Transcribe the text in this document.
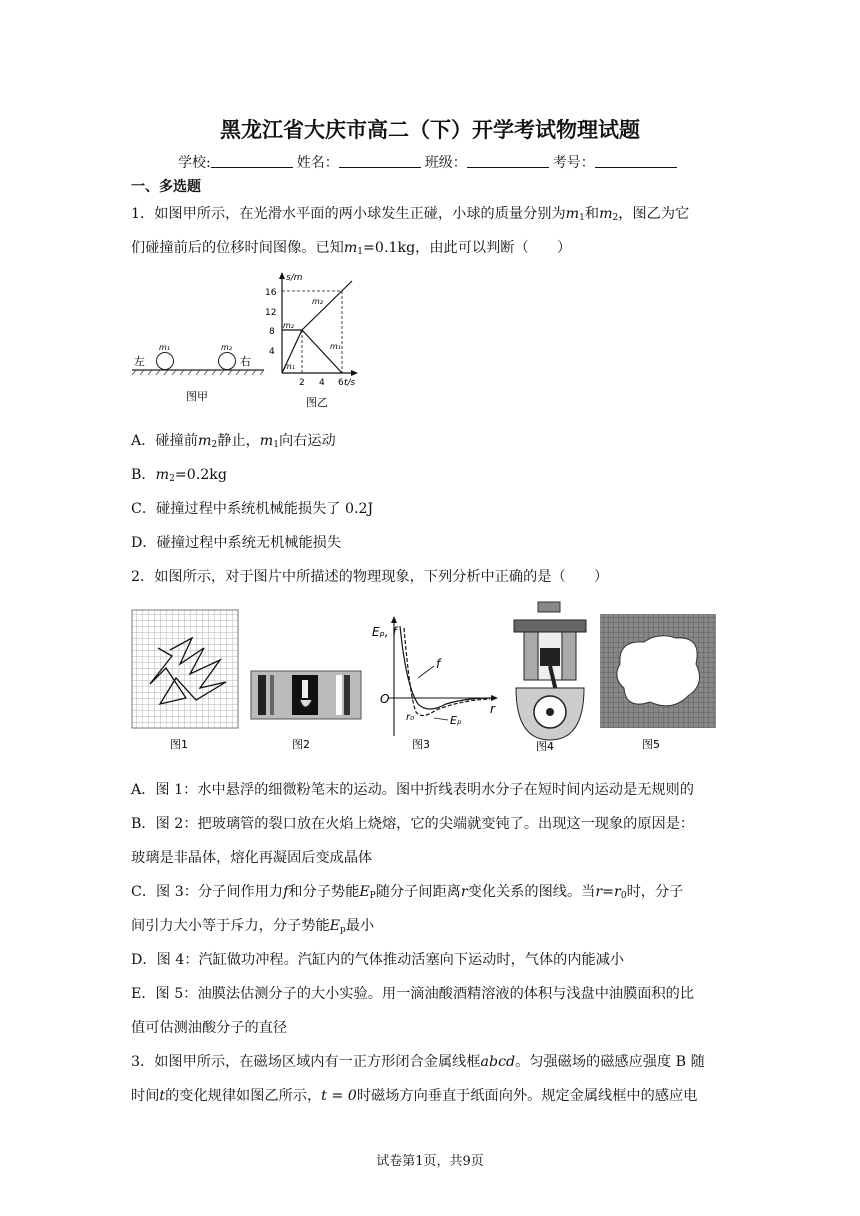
黑龙江省大庆市高二（下）开学考试物理试题
学校:	姓名：	班级：	考号：
一、多选题
1．如图甲所示，在光滑水平面的两小球发生正碰，小球的质量分别为$m_1$和$m_2$，图乙为它
们碰撞前后的位移时间图像。已知$m_1=0.1kg$，由此可以判断（　　）
左	右
m₁	m₂
图甲
s/m
t/s
16
12
8
4
2 4 6
m₂
m₁
m₂
m₁
图乙
A．碰撞前$m_2$静止，$m_1$向右运动
B．$m_2=0.2kg$
C．碰撞过程中系统机械能损失了 0.2J
D．碰撞过程中系统无机械能损失
2．如图所示，对于图片中所描述的物理现象，下列分析中正确的是（　　）
图1	图2
Eₚ, f
O
r
f
r₀	Eₚ
图3	图4	图5
A．图 1：水中悬浮的细微粉笔末的运动。图中折线表明水分子在短时间内运动是无规则的
B．图 2：把玻璃管的裂口放在火焰上烧熔，它的尖端就变钝了。出现这一现象的原因是：
玻璃是非晶体，熔化再凝固后变成晶体
C．图 3：分子间作用力f和分子势能$E_P$随分子间距离r变化关系的图线。当$r=r_0$时，分子
间引力大小等于斥力，分子势能$E_p$最小
D．图 4：汽缸做功冲程。汽缸内的气体推动活塞向下运动时，气体的内能减小
E．图 5：油膜法估测分子的大小实验。用一滴油酸酒精溶液的体积与浅盘中油膜面积的比
值可估测油酸分子的直径
3．如图甲所示，在磁场区域内有一正方形闭合金属线框abcd。匀强磁场的磁感应强度 B 随
时间t的变化规律如图乙所示，t = 0时磁场方向垂直于纸面向外。规定金属线框中的感应电
试卷第1页，共9页
